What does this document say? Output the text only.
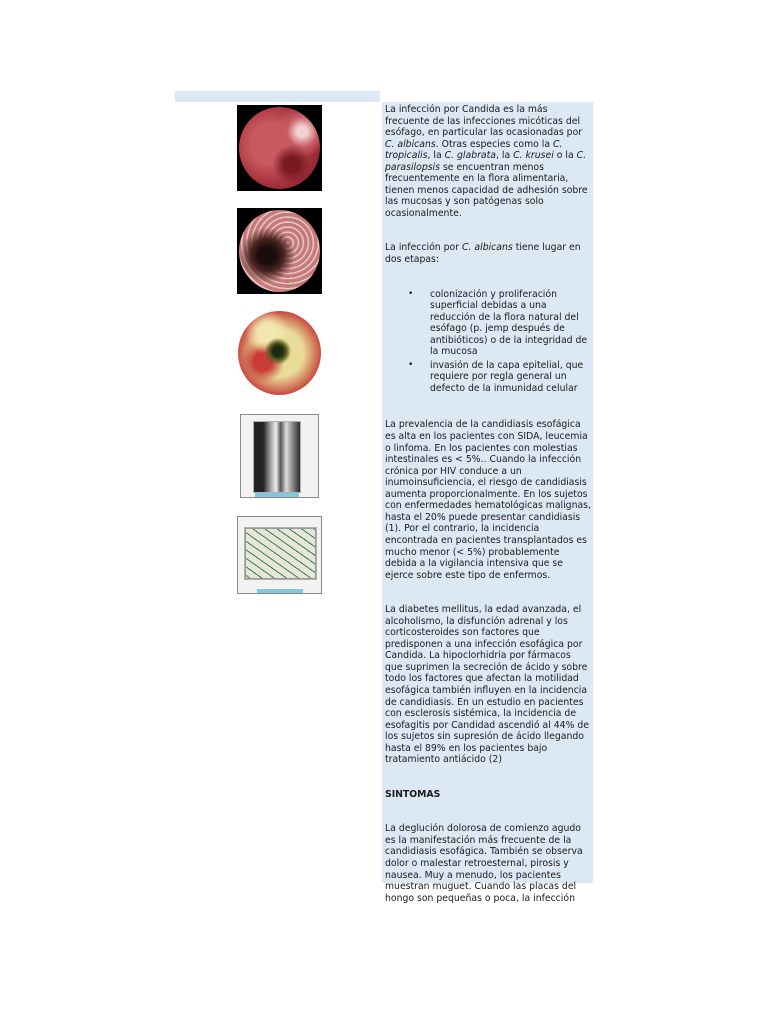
La infección por Candida es la más frecuente de las infecciones micóticas del esófago, en particular las ocasionadas por C. albicans. Otras especies como la C. tropicalis, la C. glabrata, la C. krusei o la C. parasilopsis se encuentran menos frecuentemente en la flora alimentaria, tienen menos capacidad de adhesión sobre las mucosas y son patógenas solo ocasionalmente.

La infección por C. albicans tiene lugar en dos etapas:

• colonización y proliferación superficial debidas a una reducción de la flora natural del esófago (p. jemp después de antibióticos) o de la integridad de la mucosa
• invasión de la capa epitelial, que requiere por regla general un defecto de la inmunidad celular

La prevalencia de la candidiasis esofágica es alta en los pacientes con SIDA, leucemia o linfoma. En los pacientes con molestias intestinales es < 5%.. Cuando la infección crónica por HIV conduce a un inumoinsuficiencia, el riesgo de candidiasis aumenta proporcionalmente. En los sujetos con enfermedades hematológicas malignas, hasta el 20% puede presentar candidiasis (1). Por el contrario, la incidencia encontrada en pacientes transplantados es mucho menor (< 5%) probablemente debida a la vigilancia intensiva que se ejerce sobre este tipo de enfermos.

La diabetes mellitus, la edad avanzada, el alcoholismo, la disfunción adrenal y los corticosteroides son factores que predisponen a una infección esofágica por Candida. La hipoclorhidria por fármacos que suprimen la secreción de ácido y sobre todo los factores que afectan la motilidad esofágica también influyen en la incidencia de candidiasis. En un estudio en pacientes con esclerosis sistémica, la incidencia de esofagitis por Candidad ascendió al 44% de los sujetos sin supresión de ácido llegando hasta el 89% en los pacientes bajo tratamiento antiácido (2)

SINTOMAS

La deglución dolorosa de comienzo agudo es la manifestación más frecuente de la candidiasis esofágica. También se observa dolor o malestar retroesternal, pirosis y nausea. Muy a menudo, los pacientes muestran muguet. Cuando las placas del hongo son pequeñas o poca, la infección
